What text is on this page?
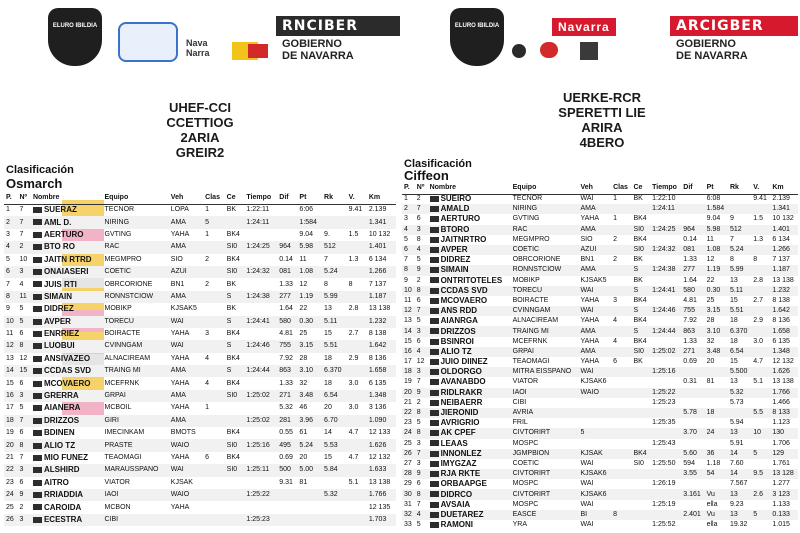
ELURO IBILDIA
Nava
Narra
RNCIBER
GOBIERNO
DE NAVARRA
UHEF-CCI
CCETTIOG
2ARIA
GREIR2
Clasificación
Osmarch
P.	Nº	Nombre	Equipo	Veh	Clas	Ce	Tiempo	Dif	Pt	Rk	V.	Km
1	7	SUERAZ	TECNOR	LOPA	1	BK	1:22:11		6:06		9.41	2.139
2	7	AML D.	NIRING	AMA	5		1:24:11		1:584			1.341
3	7	AERTURO	GVTING	YAHA	1	BK4			9.04	9.	1.5	10 132
4	2	BTO RO	RAC	AMA		SI0	1:24:25	964	5.98	512		1.401
5	10	JAITN RTRD	MEGMPRO	SIO	2	BK4		0.14	11	7	1.3	6 134
6	3	ONAIASERI	COETIC	AZUI		SI0	1:24:32	081	1.08	5.24		1.266
7	4	JUIS RTI	OBRCORIONE	BN1	2	BK		1.33	12	8	8	7 137
8	11	SIMAIN	RONNSTCIOW	AMA		S	1:24:38	277	1.19	5.99		1.187
9	5	DIDREZ	MOBIKP	KJSAK5		BK		1.64	22	13	2.8	13 138
10	5	AVPER	TORECU	WAI		S	1:24:41	580	0.30	5.11		1.232
11	6	ENRRIEZ	BOIRACTE	YAHA	3	BK4		4.81	25	15	2.7	8 138
12	8	LUOBUI	CVINNGAM	WAI		S	1:24:46	755	3.15	5.51		1.642
13	12	ANSIVAZEO	ALNACIREAM	YAHA	4	BK4		7.92	28	18	2.9	8 136
14	15	CCDAS SVD	TRAING MI	AMA		S	1:24:44	863	3.10	6.370		1.658
15	6	MCOVAERO	MCEFRNK	YAHA	4	BK4		1.33	32	18	3.0	6 135
16	3	GRERRA	GRPAI	AMA		SI0	1:25:02	271	3.48	6.54		1.348
17	5	AIANERA	MCBOIL	YAHA	1			5.32	46	20	3.0	3 136
18	7	DRIZZOS	GIRI	AMA			1:25:02	281	3.96	6.70		1.090
19	6	BDINEN	IMECINKAM	BMOTS		BK4		0.55	61	14	4.7	12 133
20	8	ALIO TZ	PRASTE	WAIO		SI0	1:25:16	495	5.24	5.53		1.626
21	7	MIO FUNEZ	TEAOMAGI	YAHA	6	BK4		0.69	20	15	4.7	12 132
22	3	ALSHIRD	MARAUSSPANO	WAI		SI0	1:25:11	500	5.00	5.84		1.633
23	6	AITRO	VIATOR	KJSAK				9.31	81		5.1	13 138
24	9	RRIADDIA	IAOI	WAIO			1:25:22			5.32		1.766
25	2	CAROIDA	MCBON	YAHA								12 135
26	3	ECESTRA	CIBI				1:25:23					1.703
ELURO IBILDIA	Navarra	ARCIGBER
GOBIERNO
DE NAVARRA
UERKE-RCR
SPERETTI LIE
ARIRA
4BERO
Clasificación
Ciffeon
P.	Nº	Nombre	Equipo	Veh	Clas	Ce	Tiempo	Dif	Pt	Rk	V.	Km
1	2	SUEIRO	TECNOR	WAI	1	BK	1:22:10		6:08		9.41	2.139
2	7	AMALD	NIRING	AMA			1:24:11		1.584			1.341
3	6	AERTURO	GVTING	YAHA	1	BK4			9.04	9	1.5	10 132
4	3	BTORO	RAC	AMA		SI0	1:24:25	964	5.98	512		1.401
5	8	JAITNRTRO	MEGMPRO	SIO	2	BK4		0.14	11	7	1.3	6 134
6	4	AVPER	COETIC	AZUI		SI0	1:24:32	081	1.08	5.24		1.266
7	5	DIDREZ	OBRCORIONE	BN1	2	BK		1.33	12	8	8	7 137
8	9	SIMAIN	RONNSTCIOW	AMA		S	1:24:38	277	1.19	5.99		1.187
9	2	ONTRITOTELES	MOBIKP	KJSAK5		BK		1.64	22	13	2.8	13 138
10	8	CCDAS SVD	TORECU	WAI		S	1:24:41	580	0.30	5.11		1.232
11	6	MCOVAERO	BOIRACTE	YAHA	3	BK4		4.81	25	15	2.7	8 138
12	7	ANS RDD	CVINNGAM	WAI		S	1:24:46	755	3.15	5.51		1.642
13	5	AIANRGA	ALNACIREAM	YAHA	4	BK4		7.92	28	18	2.9	8 136
14	3	DRIZZOS	TRAING MI	AMA		S	1:24:44	863	3.10	6.370		1.658
15	6	BSINROI	MCEFRNK	YAHA	4	BK4		1.33	32	18	3.0	6 135
16	4	ALIO TZ	GRPAI	AMA		SI0	1:25:02	271	3.48	6.54		1.348
17	12	JUIO DIINEZ	TEAOMAGI	YAHA	6	BK		0.69	20	15	4.7	12 132
18	3	OLDORGO	MITRA EISSPANO	WAI			1:25:16			5.500		1.626
19	7	AVANABDO	VIATOR	KJSAK6				0.31	81	13	5.1	13 138
20	9	RIDLRAKR	IAOI	WAIO			1:25:22			5.32		1.766
21	2	NEIBAERR	CIBI				1:25:23			5.73		1.466
22	8	JIERONID	AVRIA					5.78	18		5.5	8 133
23	5	AVRIGRIO	FRIL				1:25:35			5.94		1.123
24	8	AK CPEF	CIVTORIRT	5				3.70	24	13	10	130
25	3	LEAAS	MOSPC				1:25:43			5.91		1.706
26	7	INNONLEZ	JGMPBION	KJSAK		BK4		5.60	36	14	5	129
27	3	IMYGZAZ	COETIC	WAI		SI0	1:25:50	594	1.18	7.60		1.761
28	9	RJA RKTE	CIVTORIRT	KJSAK6				3.55	54	14	9.5	13 128
29	6	ORBAAPGE	MOSPC	WAI			1:26:19			7.567		1.277
30	8	DIDRCO	CIVTORIRT	KJSAK6				3.161	Vu	13	2.6	3 123
31	7	AVSAIA	MOSPC	WAI			1:25:19		ella	9.23		1.133
32	4	DUETAREZ	EASCE	BI	8			2.401	Vu	13	5	0.133
33	5	RAMONI	YRA	WAI			1:25:52		ella	19.32		1.015
